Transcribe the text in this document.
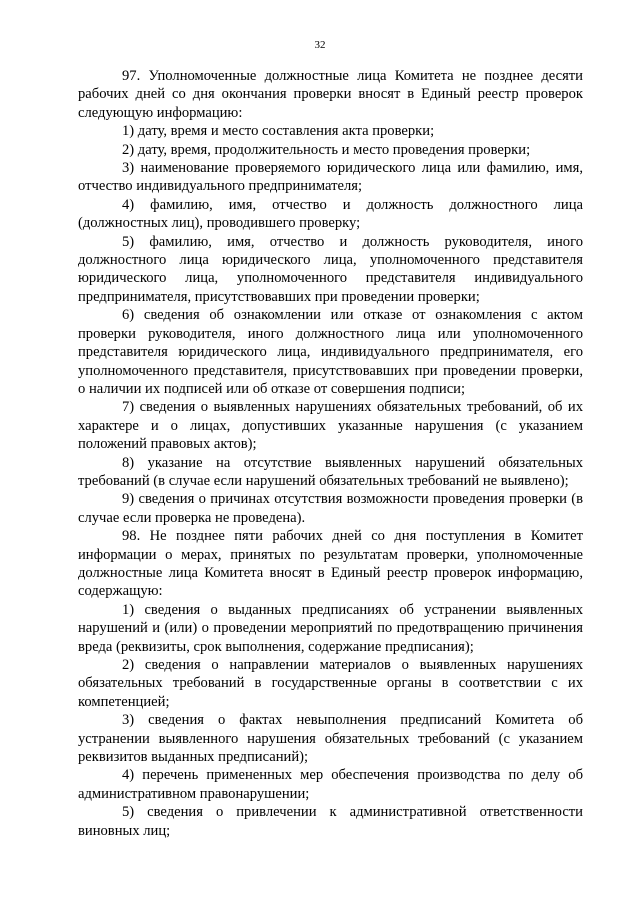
32

97. Уполномоченные должностные лица Комитета не позднее десяти рабочих дней со дня окончания проверки вносят в Единый реестр проверок следующую информацию:

1) дату, время и место составления акта проверки;

2) дату, время, продолжительность и место проведения проверки;

3) наименование проверяемого юридического лица или фамилию, имя, отчество индивидуального предпринимателя;

4) фамилию, имя, отчество и должность должностного лица (должностных лиц), проводившего проверку;

5) фамилию, имя, отчество и должность руководителя, иного должностного лица юридического лица, уполномоченного представителя юридического лица, уполномоченного представителя индивидуального предпринимателя, присутствовавших при проведении проверки;

6) сведения об ознакомлении или отказе от ознакомления с актом проверки руководителя, иного должностного лица или уполномоченного представителя юридического лица, индивидуального предпринимателя, его уполномоченного представителя, присутствовавших при проведении проверки, о наличии их подписей или об отказе от совершения подписи;

7) сведения о выявленных нарушениях обязательных требований, об их характере и о лицах, допустивших указанные нарушения (с указанием положений правовых актов);

8) указание на отсутствие выявленных нарушений обязательных требований (в случае если нарушений обязательных требований не выявлено);

9) сведения о причинах отсутствия возможности проведения проверки (в случае если проверка не проведена).

98. Не позднее пяти рабочих дней со дня поступления в Комитет информации о мерах, принятых по результатам проверки, уполномоченные должностные лица Комитета вносят в Единый реестр проверок информацию, содержащую:

1) сведения о выданных предписаниях об устранении выявленных нарушений и (или) о проведении мероприятий по предотвращению причинения вреда (реквизиты, срок выполнения, содержание предписания);

2) сведения о направлении материалов о выявленных нарушениях обязательных требований в государственные органы в соответствии с их компетенцией;

3) сведения о фактах невыполнения предписаний Комитета об устранении выявленного нарушения обязательных требований (с указанием реквизитов выданных предписаний);

4) перечень примененных мер обеспечения производства по делу об административном правонарушении;

5) сведения о привлечении к административной ответственности виновных лиц;
